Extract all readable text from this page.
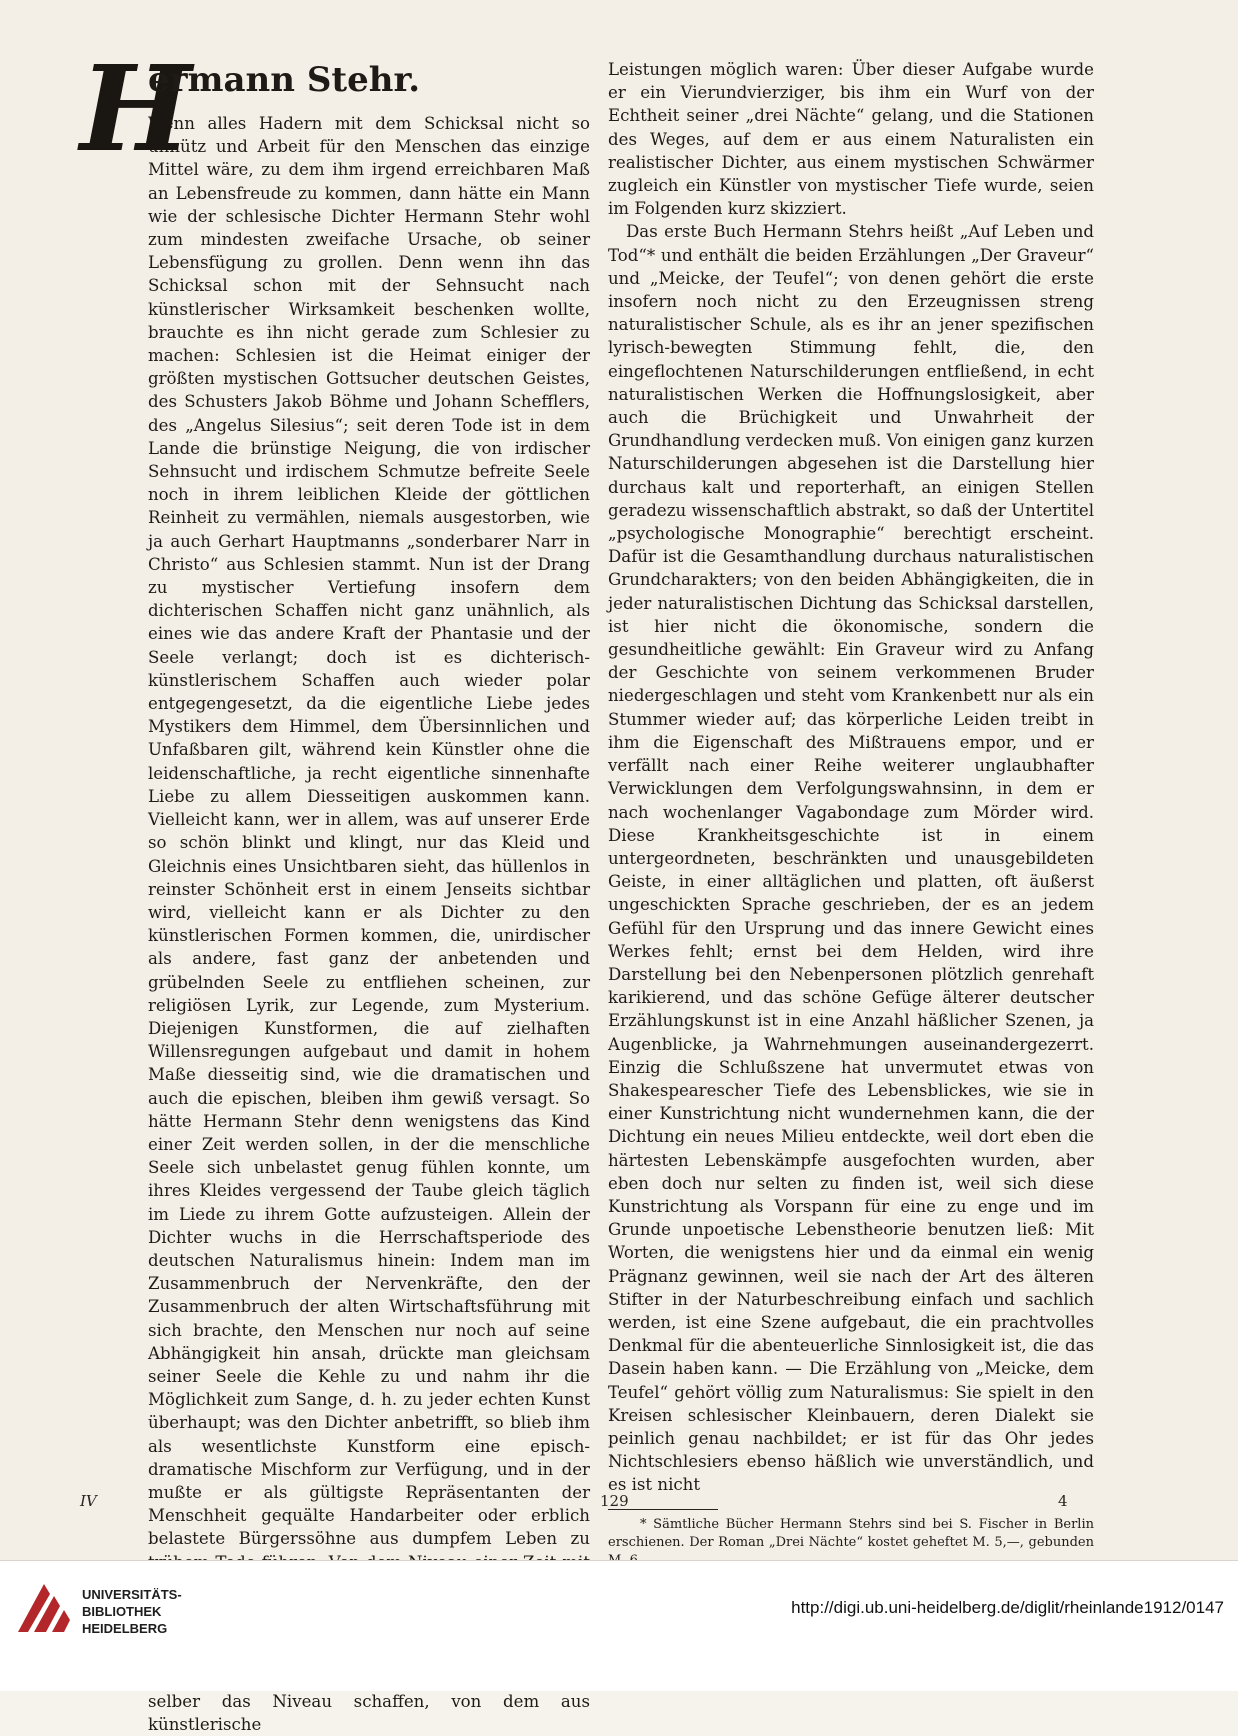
H
ermann Stehr.

Wenn alles Hadern mit dem Schicksal nicht so unnütz und Arbeit für den Menschen das einzige Mittel wäre, zu dem ihm irgend erreichbaren Maß an Lebensfreude zu kommen, dann hätte ein Mann wie der schlesische Dichter Hermann Stehr wohl zum mindesten zweifache Ursache, ob seiner Lebensfügung zu grollen. Denn wenn ihn das Schicksal schon mit der Sehnsucht nach künstlerischer Wirksamkeit beschenken wollte, brauchte es ihn nicht gerade zum Schlesier zu machen: Schlesien ist die Heimat einiger der größten mystischen Gottsucher deutschen Geistes, des Schusters Jakob Böhme und Johann Schefflers, des „Angelus Silesius“; seit deren Tode ist in dem Lande die brünstige Neigung, die von irdischer Sehnsucht und irdischem Schmutze befreite Seele noch in ihrem leiblichen Kleide der göttlichen Reinheit zu vermählen, niemals ausgestorben, wie ja auch Gerhart Hauptmanns „sonderbarer Narr in Christo“ aus Schlesien stammt. Nun ist der Drang zu mystischer Vertiefung insofern dem dichterischen Schaffen nicht ganz unähnlich, als eines wie das andere Kraft der Phantasie und der Seele verlangt; doch ist es dichterisch-künstlerischem Schaffen auch wieder polar entgegengesetzt, da die eigentliche Liebe jedes Mystikers dem Himmel, dem Übersinnlichen und Unfaßbaren gilt, während kein Künstler ohne die leidenschaftliche, ja recht eigentliche sinnenhafte Liebe zu allem Diesseitigen auskommen kann. Vielleicht kann, wer in allem, was auf unserer Erde so schön blinkt und klingt, nur das Kleid und Gleichnis eines Unsichtbaren sieht, das hüllenlos in reinster Schönheit erst in einem Jenseits sichtbar wird, vielleicht kann er als Dichter zu den künstlerischen Formen kommen, die, unirdischer als andere, fast ganz der anbetenden und grübelnden Seele zu entfliehen scheinen, zur religiösen Lyrik, zur Legende, zum Mysterium. Diejenigen Kunstformen, die auf zielhaften Willensregungen aufgebaut und damit in hohem Maße diesseitig sind, wie die dramatischen und auch die epischen, bleiben ihm gewiß versagt. So hätte Hermann Stehr denn wenigstens das Kind einer Zeit werden sollen, in der die menschliche Seele sich unbelastet genug fühlen konnte, um ihres Kleides vergessend der Taube gleich täglich im Liede zu ihrem Gotte aufzusteigen. Allein der Dichter wuchs in die Herrschaftsperiode des deutschen Naturalismus hinein: Indem man im Zusammenbruch der Nervenkräfte, den der Zusammenbruch der alten Wirtschaftsführung mit sich brachte, den Menschen nur noch auf seine Abhängigkeit hin ansah, drückte man gleichsam seiner Seele die Kehle zu und nahm ihr die Möglichkeit zum Sange, d. h. zu jeder echten Kunst überhaupt; was den Dichter anbetrifft, so blieb ihm als wesentlichste Kunstform eine episch-dramatische Mischform zur Verfügung, und in der mußte er als gültigste Repräsentanten der Menschheit gequälte Handarbeiter oder erblich belastete Bürgerssöhne aus dumpfem Leben zu selber das Niveau schaffen, von dem aus künstlerische

Leistungen möglich waren: Über dieser Aufgabe wurde er ein Vierundvierziger, bis ihm ein Wurf von der Echtheit seiner „drei Nächte“ gelang, und die Stationen des Weges, auf dem er aus einem Naturalisten ein realistischer Dichter, aus einem mystischen Schwärmer zugleich ein Künstler von mystischer Tiefe wurde, seien im Folgenden kurz skizziert.

Das erste Buch Hermann Stehrs heißt „Auf Leben und Tod“* und enthält die beiden Erzählungen „Der Graveur“ und „Meicke, der Teufel“; von denen gehört die erste insofern noch nicht zu den Erzeugnissen streng naturalistischer Schule, als es ihr an jener spezifischen lyrisch-bewegten Stimmung fehlt, die, den eingeflochtenen Naturschilderungen entfließend, in echt naturalistischen Werken die Hoffnungslosigkeit, aber auch die Brüchigkeit und Unwahrheit der Grundhandlung verdecken muß. Von einigen ganz kurzen Naturschilderungen abgesehen ist die Darstellung hier durchaus kalt und reporterhaft, an einigen Stellen geradezu wissenschaftlich abstrakt, so daß der Untertitel „psychologische Monographie“ berechtigt erscheint. Dafür ist die Gesamthandlung durchaus naturalistischen Grundcharakters; von den beiden Abhängigkeiten, die in jeder naturalistischen Dichtung das Schicksal darstellen, ist hier nicht die ökonomische, sondern die gesundheitliche gewählt: Ein Graveur wird zu Anfang der Geschichte von seinem verkommenen Bruder niedergeschlagen und steht vom Krankenbett nur als ein Stummer wieder auf; das körperliche Leiden treibt in ihm die Eigenschaft des Mißtrauens empor, und er verfällt nach einer Reihe weiterer unglaubhafter Verwicklungen dem Verfolgungswahnsinn, in dem er nach wochenlanger Vagabondage zum Mörder wird. Diese Krankheitsgeschichte ist in einem untergeordneten, beschränkten und unausgebildeten Geiste, in einer alltäglichen und platten, oft äußerst ungeschickten Sprache geschrieben, der es an jedem Gefühl für den Ursprung und das innere Gewicht eines Werkes fehlt; ernst bei dem Helden, wird ihre Darstellung bei den Nebenpersonen plötzlich genrehaft karikierend, und das schöne Gefüge älterer deutscher Erzählungskunst ist in eine Anzahl häßlicher Szenen, ja Augenblicke, ja Wahrnehmungen auseinandergezerrt. Einzig die Schlußszene hat unvermutet etwas von Shakespearescher Tiefe des Lebensblickes, wie sie in einer Kunstrichtung nicht wundernehmen kann, die der Dichtung ein neues Milieu entdeckte, weil dort eben die härtesten Lebenskämpfe ausgefochten wurden, aber eben doch nur selten zu finden ist, weil sich diese Kunstrichtung als Vorspann für eine zu enge und im Grunde unpoetische Lebenstheorie benutzen ließ: Mit Worten, die wenigstens hier und da einmal ein wenig Prägnanz gewinnen, weil sie nach der Art des älteren Stifter in der Naturbeschreibung einfach und sachlich werden, ist eine Szene aufgebaut, die ein prachtvolles Denkmal für die abenteuerliche Sinnlosigkeit ist, die das Dasein haben kann. — Die Erzählung von „Meicke, dem Teufel“ gehört völlig zum Naturalismus: Sie spielt in den Kreisen schlesischer Kleinbauern, deren Dialekt sie peinlich genau nachbildet; er ist für das Ohr jedes Nichtschlesiers ebenso häßlich wie unverständlich, und es ist nicht

* Sämtliche Bücher Hermann Stehrs sind bei S. Fischer in Berlin erschienen. Der Roman „Drei Nächte“ kostet geheftet M. 5,—, gebunden

IV	129	4
UNIVERSITÄTS-
BIBLIOTHEK
HEIDELBERG
http://digi.ub.uni-heidelberg.de/diglit/rheinlande1912/0147
